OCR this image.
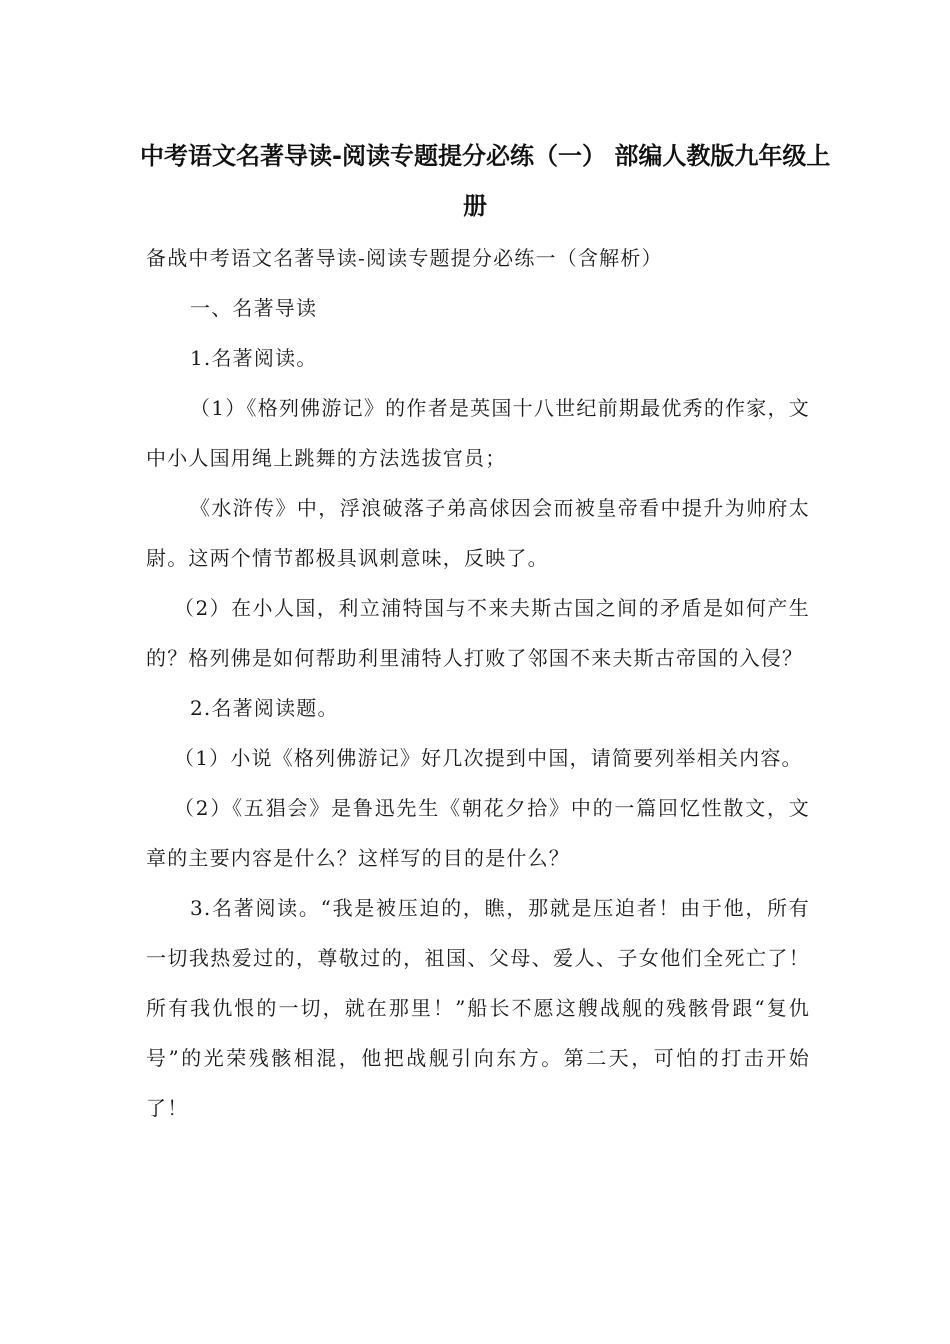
中考语文名著导读-阅读专题提分必练（一） 部编人教版九年级上
册

备战中考语文名著导读-阅读专题提分必练一（含解析）

一、名著导读

1.名著阅读。

（1）《格列佛游记》的作者是英国十八世纪前期最优秀的作家，文中小人国用绳上跳舞的方法选拔官员；

《水浒传》中，浮浪破落子弟高俅因会而被皇帝看中提升为帅府太尉。这两个情节都极具讽刺意味，反映了。

（2）在小人国，利立浦特国与不来夫斯古国之间的矛盾是如何产生的？格列佛是如何帮助利里浦特人打败了邻国不来夫斯古帝国的入侵？

2.名著阅读题。

（1）小说《格列佛游记》好几次提到中国，请简要列举相关内容。

（2）《五猖会》是鲁迅先生《朝花夕拾》中的一篇回忆性散文，文章的主要内容是什么？这样写的目的是什么？

3.名著阅读。“我是被压迫的，瞧，那就是压迫者！由于他，所有一切我热爱过的，尊敬过的，祖国、父母、爱人、子女他们全死亡了！所有我仇恨的一切，就在那里！”船长不愿这艘战舰的残骸骨跟“复仇号”的光荣残骸相混，他把战舰引向东方。第二天，可怕的打击开始了！
